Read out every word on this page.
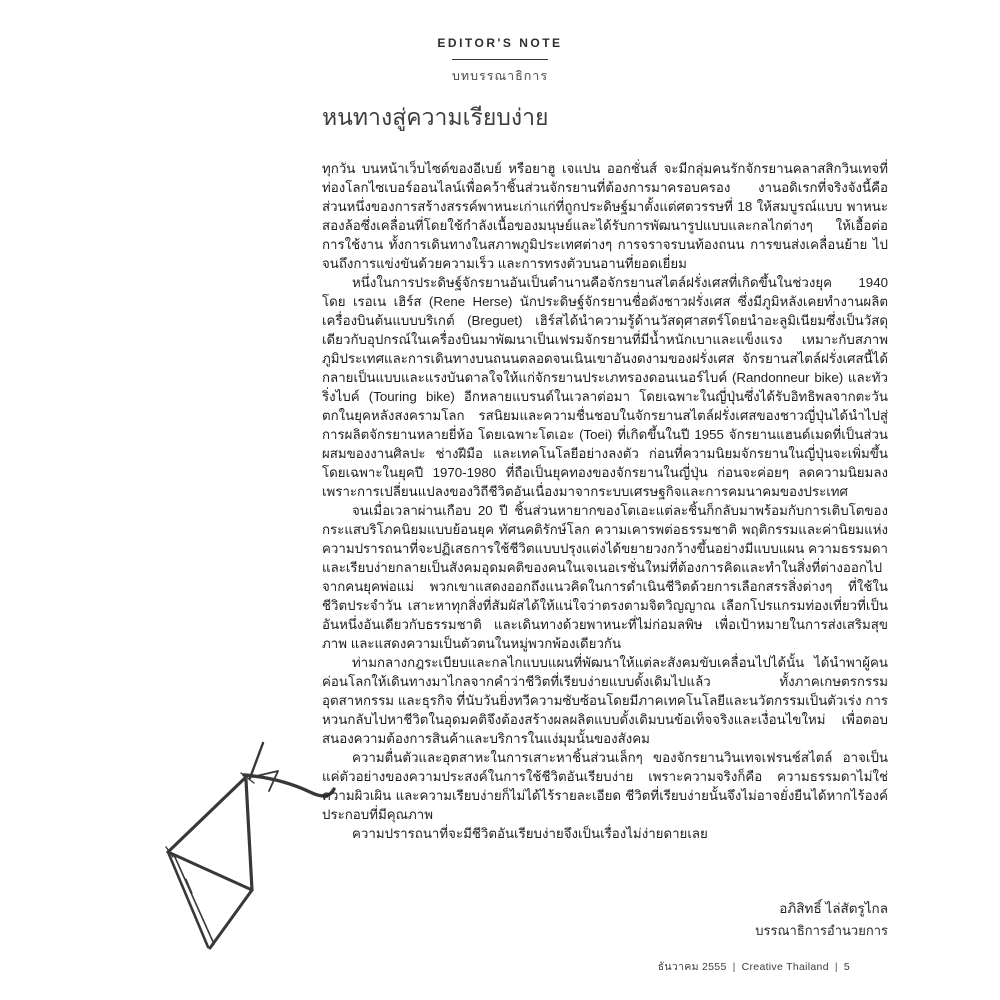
EDITOR'S NOTE
บทบรรณาธิการ
หนทางสู่ความเรียบง่าย

ทุกวัน บนหน้าเว็บไซต์ของอีเบย์ หรือยาฮู เจแปน ออกชั่นส์ จะมีกลุ่มคนรักจักรยานคลาสสิกวินเทจที่ท่องโลกไซเบอร์ออนไลน์เพื่อคว้าชิ้นส่วนจักรยานที่ต้องการมาครอบครอง งานอดิเรกที่จริงจังนี้คือส่วนหนึ่งของการสร้างสรรค์พาหนะเก่าแก่ที่ถูกประดิษฐ์มาตั้งแต่ศตวรรษที่ 18 ให้สมบูรณ์แบบ พาหนะสองล้อซึ่งเคลื่อนที่โดยใช้กำลังเนื้อของมนุษย์และได้รับการพัฒนารูปแบบและกลไกต่างๆ ให้เอื้อต่อการใช้งาน ทั้งการเดินทางในสภาพภูมิประเทศต่างๆ การจราจรบนท้องถนน การขนส่งเคลื่อนย้าย ไปจนถึงการแข่งขันด้วยความเร็ว และการทรงตัวบนอานที่ยอดเยี่ยม

หนึ่งในการประดิษฐ์จักรยานอันเป็นตำนานคือจักรยานสไตล์ฝรั่งเศสที่เกิดขึ้นในช่วงยุค 1940 โดย เรอเน เฮิร์ส (Rene Herse) นักประดิษฐ์จักรยานชื่อดังชาวฝรั่งเศส ซึ่งมีภูมิหลังเคยทำงานผลิตเครื่องบินต้นแบบบริเกต์ (Breguet) เฮิร์สได้นำความรู้ด้านวัสดุศาสตร์โดยนำอะลูมิเนียมซึ่งเป็นวัสดุเดียวกับอุปกรณ์ในเครื่องบินมาพัฒนาเป็นเฟรมจักรยานที่มีน้ำหนักเบาและแข็งแรง เหมาะกับสภาพภูมิประเทศและการเดินทางบนถนนตลอดจนเนินเขาอันงดงามของฝรั่งเศส จักรยานสไตล์ฝรั่งเศสนี้ได้กลายเป็นแบบและแรงบันดาลใจให้แก่จักรยานประเภทรองดอนเนอร์ไบค์ (Randonneur bike) และทัวริ่งไบค์ (Touring bike) อีกหลายแบรนด์ในเวลาต่อมา โดยเฉพาะในญี่ปุ่นซึ่งได้รับอิทธิพลจากตะวันตกในยุคหลังสงครามโลก รสนิยมและความชื่นชอบในจักรยานสไตล์ฝรั่งเศสของชาวญี่ปุ่นได้นำไปสู่การผลิตจักรยานหลายยี่ห้อ โดยเฉพาะโตเอะ (Toei) ที่เกิดขึ้นในปี 1955 จักรยานแฮนด์เมดที่เป็นส่วนผสมของงานศิลปะ ช่างฝีมือ และเทคโนโลยีอย่างลงตัว ก่อนที่ความนิยมจักรยานในญี่ปุ่นจะเพิ่มขึ้นโดยเฉพาะในยุคปี 1970-1980 ที่ถือเป็นยุคทองของจักรยานในญี่ปุ่น ก่อนจะค่อยๆ ลดความนิยมลงเพราะการเปลี่ยนแปลงของวิถีชีวิตอันเนื่องมาจากระบบเศรษฐกิจและการคมนาคมของประเทศ

จนเมื่อเวลาผ่านเกือบ 20 ปี ชิ้นส่วนหายากของโตเอะแต่ละชิ้นก็กลับมาพร้อมกับการเติบโตของกระแสบริโภคนิยมแบบย้อนยุค ทัศนคติรักษ์โลก ความเคารพต่อธรรมชาติ พฤติกรรมและค่านิยมแห่งความปรารถนาที่จะปฏิเสธการใช้ชีวิตแบบปรุงแต่งได้ขยายวงกว้างขึ้นอย่างมีแบบแผน ความธรรมดาและเรียบง่ายกลายเป็นสังคมอุดมคติของคนในเจเนอเรชั่นใหม่ที่ต้องการคิดและทำในสิ่งที่ต่างออกไปจากคนยุคพ่อแม่ พวกเขาแสดงออกถึงแนวคิดในการดำเนินชีวิตด้วยการเลือกสรรสิ่งต่างๆ ที่ใช้ในชีวิตประจำวัน เสาะหาทุกสิ่งที่สัมผัสได้ให้แน่ใจว่าตรงตามจิตวิญญาณ เลือกโปรแกรมท่องเที่ยวที่เป็นอันหนึ่งอันเดียวกับธรรมชาติ และเดินทางด้วยพาหนะที่ไม่ก่อมลพิษ เพื่อเป้าหมายในการส่งเสริมสุขภาพ และแสดงความเป็นตัวตนในหมู่พวกพ้องเดียวกัน

ท่ามกลางกฎระเบียบและกลไกแบบแผนที่พัฒนาให้แต่ละสังคมขับเคลื่อนไปได้นั้น ได้นำพาผู้คนค่อนโลกให้เดินทางมาไกลจากคำว่าชีวิตที่เรียบง่ายแบบดั้งเดิมไปแล้ว ทั้งภาคเกษตรกรรม อุตสาหกรรม และธุรกิจ ที่นับวันยิ่งทวีความซับซ้อนโดยมีภาคเทคโนโลยีและนวัตกรรมเป็นตัวเร่ง การหวนกลับไปหาชีวิตในอุดมคติจึงต้องสร้างผลผลิตแบบดั้งเดิมบนข้อเท็จจริงและเงื่อนไขใหม่ เพื่อตอบสนองความต้องการสินค้าและบริการในแง่มุมนั้นของสังคม

ความตื่นตัวและอุตสาหะในการเสาะหาชิ้นส่วนเล็กๆ ของจักรยานวินเทจเฟรนช์สไตล์ อาจเป็นแค่ตัวอย่างของความประสงค์ในการใช้ชีวิตอันเรียบง่าย เพราะความจริงก็คือ ความธรรมดาไม่ใช่ความผิวเผิน และความเรียบง่ายก็ไม่ได้ไร้รายละเอียด ชีวิตที่เรียบง่ายนั้นจึงไม่อาจยั่งยืนได้หากไร้องค์ประกอบที่มีคุณภาพ

ความปรารถนาที่จะมีชีวิตอันเรียบง่ายจึงเป็นเรื่องไม่ง่ายดายเลย

อภิสิทธิ์ ไล่สัตรูไกล
บรรณาธิการอำนวยการ
ธันวาคม 2555 | Creative Thailand | 5
